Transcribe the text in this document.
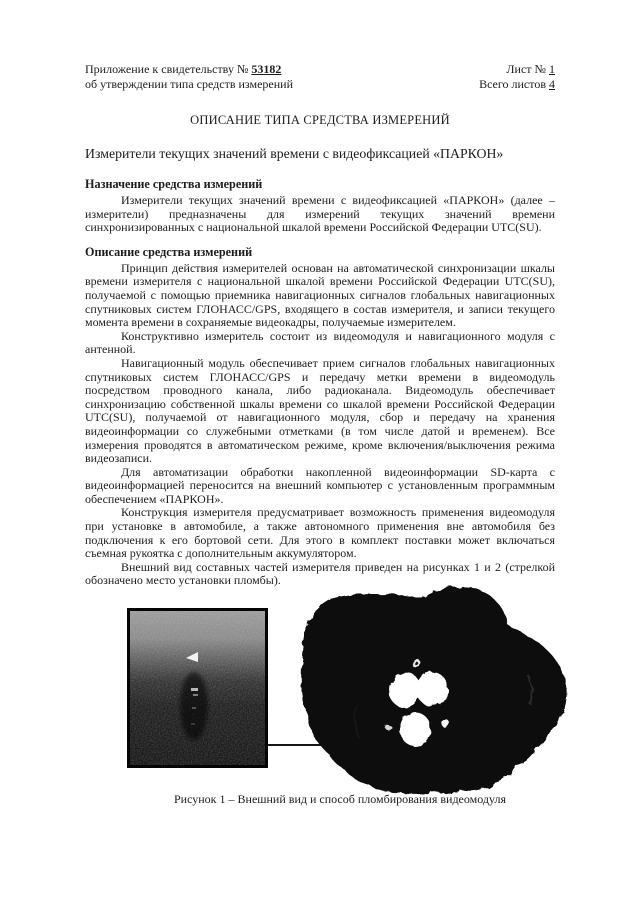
Приложение к свидетельству № 53182
об утверждении типа средств измерений
Лист № 1
Всего листов 4
ОПИСАНИЕ ТИПА СРЕДСТВА ИЗМЕРЕНИЙ
Измерители текущих значений времени с видеофиксацией «ПАРКОН»
Назначение средства измерений

Измерители текущих значений времени с видеофиксацией «ПАРКОН» (далее – измерители) предназначены для измерений текущих значений времени синхронизированных с национальной шкалой времени Российской Федерации UTC(SU).

Описание средства измерений

Принцип действия измерителей основан на автоматической синхронизации шкалы времени измерителя с национальной шкалой времени Российской Федерации UTC(SU), получаемой с помощью приемника навигационных сигналов глобальных навигационных спутниковых систем ГЛОНАСС/GPS, входящего в состав измерителя, и записи текущего момента времени в сохраняемые видеокадры, получаемые измерителем.

Конструктивно измеритель состоит из видеомодуля и навигационного модуля с антенной.

Навигационный модуль обеспечивает прием сигналов глобальных навигационных спутниковых систем ГЛОНАСС/GPS и передачу метки времени в видеомодуль посредством проводного канала, либо радиоканала. Видеомодуль обеспечивает синхронизацию собственной шкалы времени со шкалой времени Российской Федерации UTC(SU), получаемой от навигационного модуля, сбор и передачу на хранения видеоинформации со служебными отметками (в том числе датой и временем). Все измерения проводятся в автоматическом режиме, кроме включения/выключения режима видеозаписи.

Для автоматизации обработки накопленной видеоинформации SD-карта с видеоинформацией переносится на внешний компьютер с установленным программным обеспечением «ПАРКОН».

Конструкция измерителя предусматривает возможность применения видеомодуля при установке в автомобиле, а также автономного применения вне автомобиля без подключения к его бортовой сети. Для этого в комплект поставки может включаться съемная рукоятка с дополнительным аккумулятором.

Внешний вид составных частей измерителя приведен на рисунках 1 и 2 (стрелкой обозначено место установки пломбы).

Рисунок 1 – Внешний вид и способ пломбирования видеомодуля
